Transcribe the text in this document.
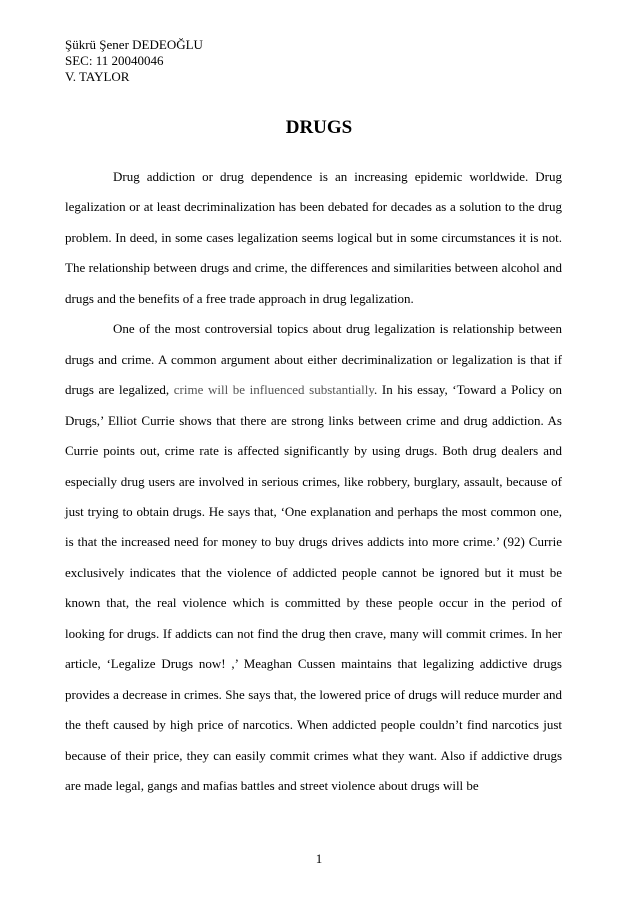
Şükrü Şener DEDEOĞLU
SEC: 11 20040046
V. TAYLOR
DRUGS

Drug addiction or drug dependence is an increasing epidemic worldwide. Drug legalization or at least decriminalization has been debated for decades as a solution to the drug problem. In deed, in some cases legalization seems logical but in some circumstances it is not. The relationship between drugs and crime, the differences and similarities between alcohol and drugs and the benefits of a free trade approach in drug legalization.

One of the most controversial topics about drug legalization is relationship between drugs and crime. A common argument about either decriminalization or legalization is that if drugs are legalized, crime will be influenced substantially. In his essay, ‘Toward a Policy on Drugs,’ Elliot Currie shows that there are strong links between crime and drug addiction. As Currie points out, crime rate is affected significantly by using drugs. Both drug dealers and especially drug users are involved in serious crimes, like robbery, burglary, assault, because of just trying to obtain drugs. He says that, ‘One explanation and perhaps the most common one, is that the increased need for money to buy drugs drives addicts into more crime.’ (92) Currie exclusively indicates that the violence of addicted people cannot be ignored but it must be known that, the real violence which is committed by these people occur in the period of looking for drugs. If addicts can not find the drug then crave, many will commit crimes. In her article, ‘Legalize Drugs now! ,’ Meaghan Cussen maintains that legalizing addictive drugs provides a decrease in crimes. She says that, the lowered price of drugs will reduce murder and the theft caused by high price of narcotics. When addicted people couldn’t find narcotics just because of their price, they can easily commit crimes what they want. Also if addictive drugs are made legal, gangs and mafias battles and street violence about drugs will be

1
